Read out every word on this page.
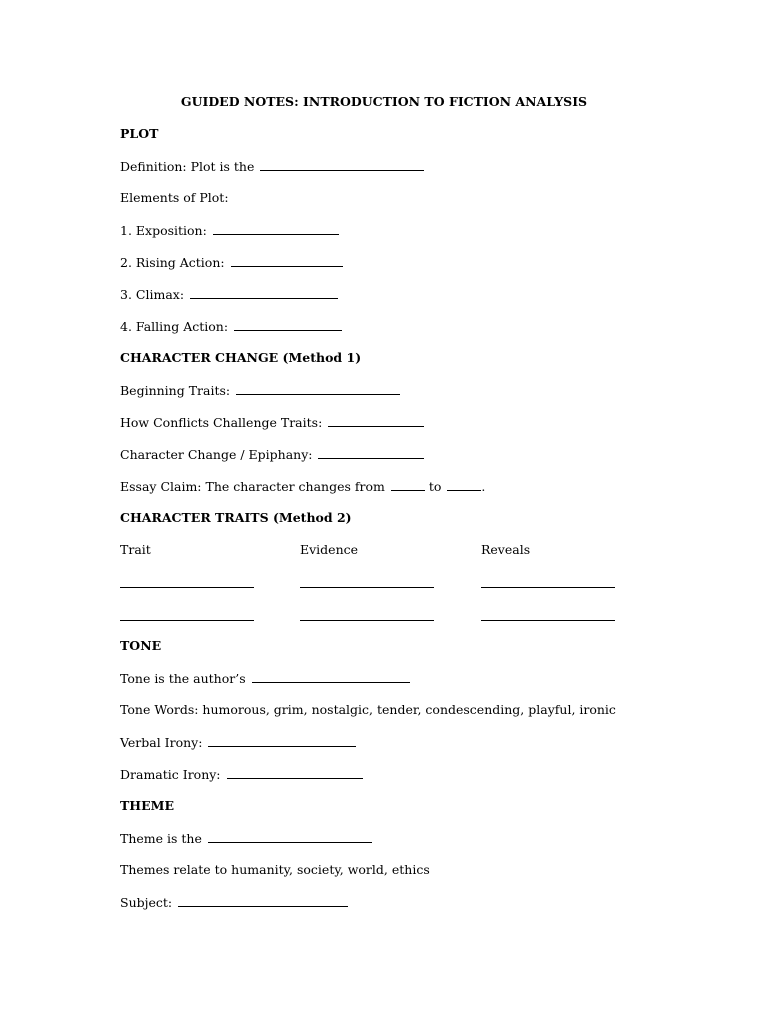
GUIDED NOTES: INTRODUCTION TO FICTION ANALYSIS
PLOT
Definition: Plot is the
Elements of Plot:
1. Exposition:
2. Rising Action:
3. Climax:
4. Falling Action:
CHARACTER CHANGE (Method 1)
Beginning Traits:
How Conflicts Challenge Traits:
Character Change / Epiphany:
Essay Claim: The character changes from	to	.
CHARACTER TRAITS (Method 2)
Trait	Evidence	Reveals
TONE
Tone is the author’s
Tone Words: humorous, grim, nostalgic, tender, condescending, playful, ironic
Verbal Irony:
Dramatic Irony:
THEME
Theme is the
Themes relate to humanity, society, world, ethics
Subject:
